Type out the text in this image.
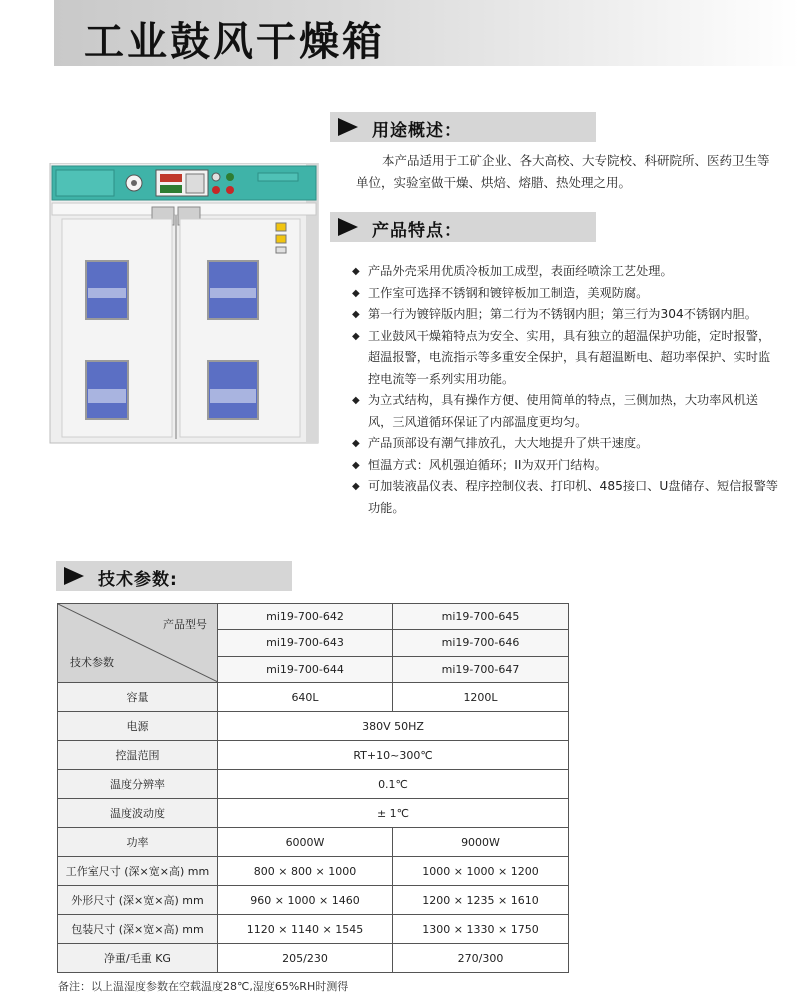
工业鼓风干燥箱
用途概述：
本产品适用于工矿企业、各大高校、大专院校、科研院所、医药卫生等单位，实验室做干燥、烘焙、熔腊、热处理之用。
产品特点：
◆ 产品外壳采用优质冷板加工成型，表面经喷涂工艺处理。
◆ 工作室可选择不锈钢和镀锌板加工制造，美观防腐。
◆ 第一行为镀锌版内胆；第二行为不锈钢内胆；第三行为304不锈钢内胆。
◆ 工业鼓风干燥箱特点为安全、实用，具有独立的超温保护功能，定时报警，超温报警，电流指示等多重安全保护，具有超温断电、超功率保护、实时监控电流等一系列实用功能。
◆ 为立式结构，具有操作方便、使用简单的特点，三侧加热，大功率风机送风，三风道循环保证了内部温度更均匀。
◆ 产品顶部设有潮气排放孔，大大地提升了烘干速度。
◆ 恒温方式：风机强迫循环；II为双开门结构。
◆ 可加装液晶仪表、程序控制仪表、打印机、485接口、U盘储存、短信报警等功能。
技术参数:
产品型号
技术参数	mi19-700-642	mi19-700-645
	mi19-700-643	mi19-700-646
	mi19-700-644	mi19-700-647
容量	640L	1200L
电源	380V 50HZ	
控温范围	RT+10~300℃	
温度分辨率	0.1℃	
温度波动度	± 1℃	
功率	6000W	9000W
工作室尺寸 (深×宽×高) mm	800 × 800 × 1000	1000 × 1000 × 1200
外形尺寸 (深×宽×高) mm	960 × 1000 × 1460	1200 × 1235 × 1610
包装尺寸 (深×宽×高) mm	1120 × 1140 × 1545	1300 × 1330 × 1750
净重/毛重 KG	205/230	270/300
备注：以上温湿度参数在空载温度28℃,湿度65%RH时测得
